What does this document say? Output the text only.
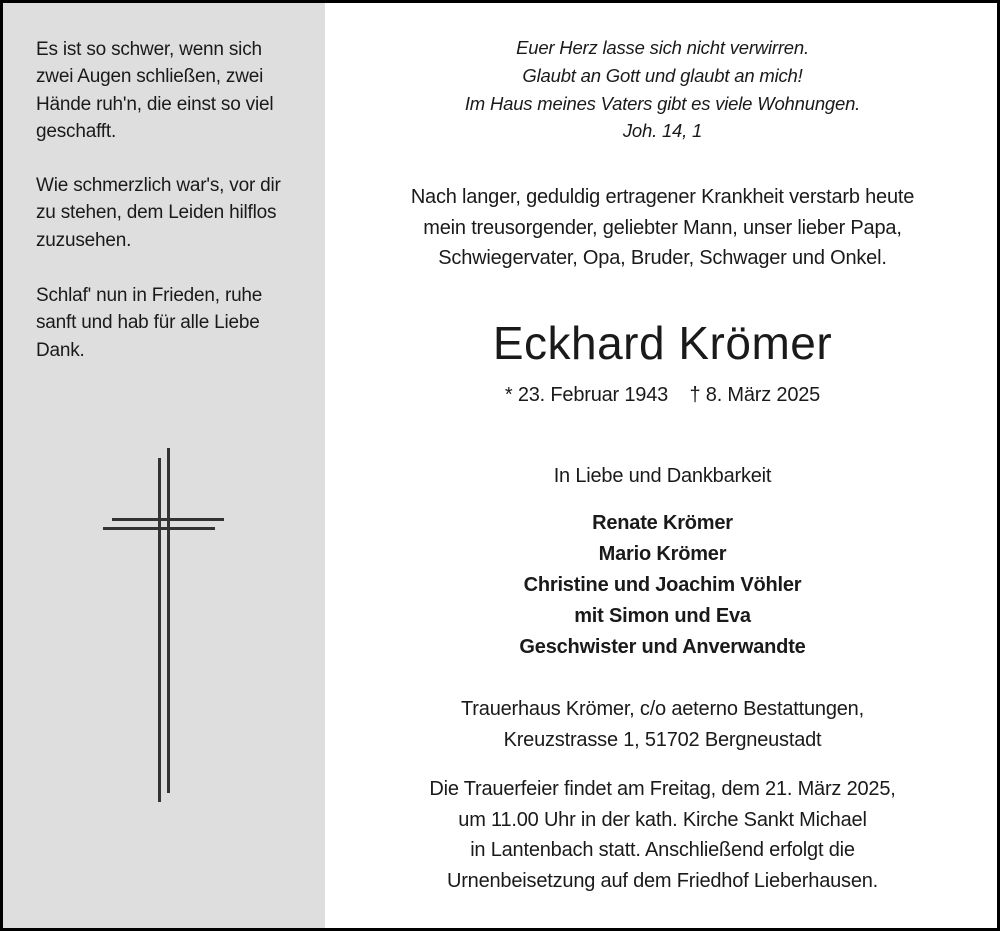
Es ist so schwer, wenn sich
zwei Augen schließen, zwei
Hände ruh'n, die einst so viel
geschafft.
Wie schmerzlich war's, vor dir
zu stehen, dem Leiden hilflos
zuzusehen.
Schlaf' nun in Frieden, ruhe
sanft und hab für alle Liebe
Dank.
Euer Herz lasse sich nicht verwirren.
Glaubt an Gott und glaubt an mich!
Im Haus meines Vaters gibt es viele Wohnungen.
Joh. 14, 1
Nach langer, geduldig ertragener Krankheit verstarb heute
mein treusorgender, geliebter Mann, unser lieber Papa,
Schwiegervater, Opa, Bruder, Schwager und Onkel.
Eckhard Krömer
* 23. Februar 1943    † 8. März 2025
In Liebe und Dankbarkeit
Renate Krömer
Mario Krömer
Christine und Joachim Vöhler
mit Simon und Eva
Geschwister und Anverwandte
Trauerhaus Krömer, c/o aeterno Bestattungen,
Kreuzstrasse 1, 51702 Bergneustadt
Die Trauerfeier findet am Freitag, dem 21. März 2025,
um 11.00 Uhr in der kath. Kirche Sankt Michael
in Lantenbach statt. Anschließend erfolgt die
Urnenbeisetzung auf dem Friedhof Lieberhausen.
